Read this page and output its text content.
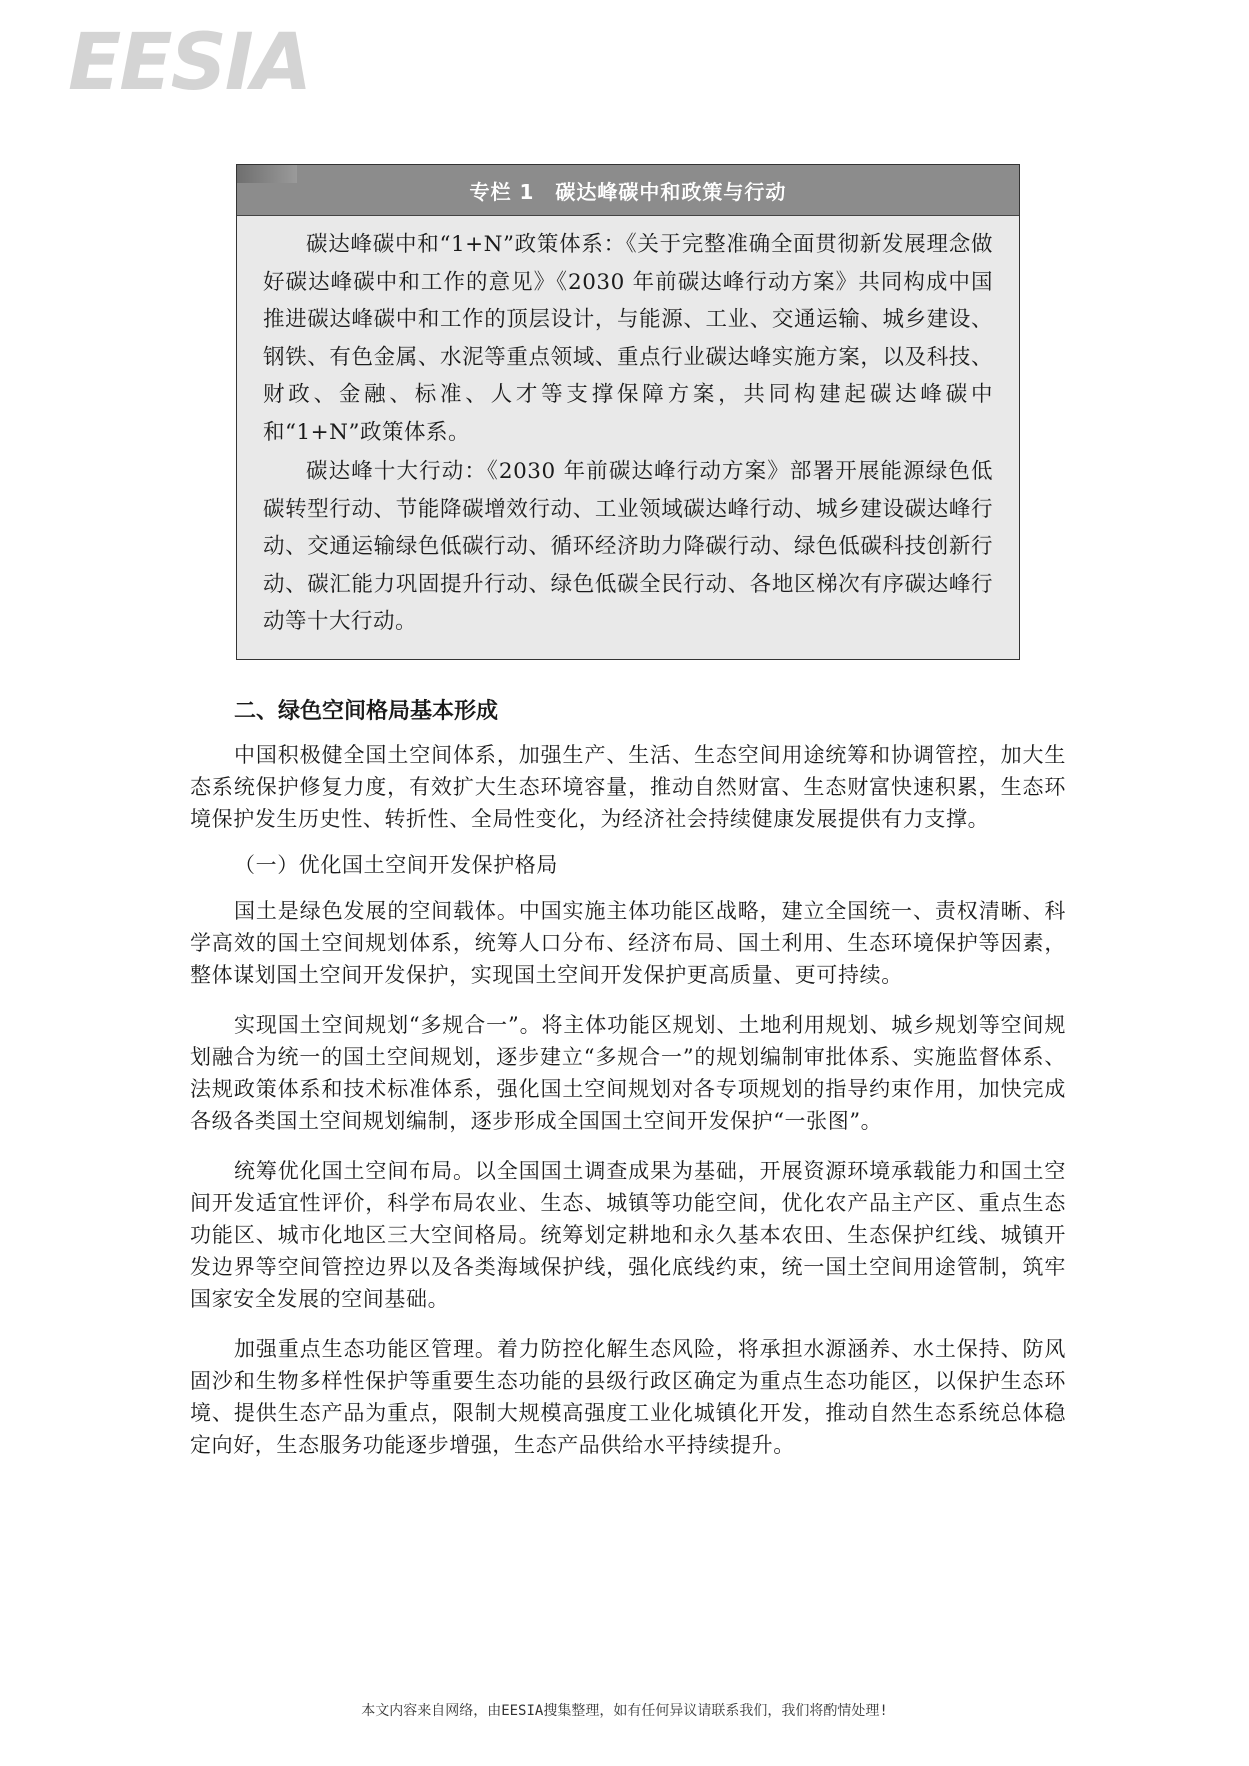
EESIA
专栏 1　碳达峰碳中和政策与行动

碳达峰碳中和“1+N”政策体系：《关于完整准确全面贯彻新发展理念做好碳达峰碳中和工作的意见》《2030 年前碳达峰行动方案》共同构成中国推进碳达峰碳中和工作的顶层设计，与能源、工业、交通运输、城乡建设、钢铁、有色金属、水泥等重点领域、重点行业碳达峰实施方案，以及科技、财政、金融、标准、人才等支撑保障方案，共同构建起碳达峰碳中和“1+N”政策体系。

碳达峰十大行动：《2030 年前碳达峰行动方案》部署开展能源绿色低碳转型行动、节能降碳增效行动、工业领域碳达峰行动、城乡建设碳达峰行动、交通运输绿色低碳行动、循环经济助力降碳行动、绿色低碳科技创新行动、碳汇能力巩固提升行动、绿色低碳全民行动、各地区梯次有序碳达峰行动等十大行动。

二、绿色空间格局基本形成

中国积极健全国土空间体系，加强生产、生活、生态空间用途统筹和协调管控，加大生态系统保护修复力度，有效扩大生态环境容量，推动自然财富、生态财富快速积累，生态环境保护发生历史性、转折性、全局性变化，为经济社会持续健康发展提供有力支撑。

（一）优化国土空间开发保护格局

国土是绿色发展的空间载体。中国实施主体功能区战略，建立全国统一、责权清晰、科学高效的国土空间规划体系，统筹人口分布、经济布局、国土利用、生态环境保护等因素，整体谋划国土空间开发保护，实现国土空间开发保护更高质量、更可持续。

实现国土空间规划“多规合一”。将主体功能区规划、土地利用规划、城乡规划等空间规划融合为统一的国土空间规划，逐步建立“多规合一”的规划编制审批体系、实施监督体系、法规政策体系和技术标准体系，强化国土空间规划对各专项规划的指导约束作用，加快完成各级各类国土空间规划编制，逐步形成全国国土空间开发保护“一张图”。

统筹优化国土空间布局。以全国国土调查成果为基础，开展资源环境承载能力和国土空间开发适宜性评价，科学布局农业、生态、城镇等功能空间，优化农产品主产区、重点生态功能区、城市化地区三大空间格局。统筹划定耕地和永久基本农田、生态保护红线、城镇开发边界等空间管控边界以及各类海域保护线，强化底线约束，统一国土空间用途管制，筑牢国家安全发展的空间基础。

加强重点生态功能区管理。着力防控化解生态风险，将承担水源涵养、水土保持、防风固沙和生物多样性保护等重要生态功能的县级行政区确定为重点生态功能区，以保护生态环境、提供生态产品为重点，限制大规模高强度工业化城镇化开发，推动自然生态系统总体稳定向好，生态服务功能逐步增强，生态产品供给水平持续提升。

本文内容来自网络，由EESIA搜集整理，如有任何异议请联系我们，我们将酌情处理!
